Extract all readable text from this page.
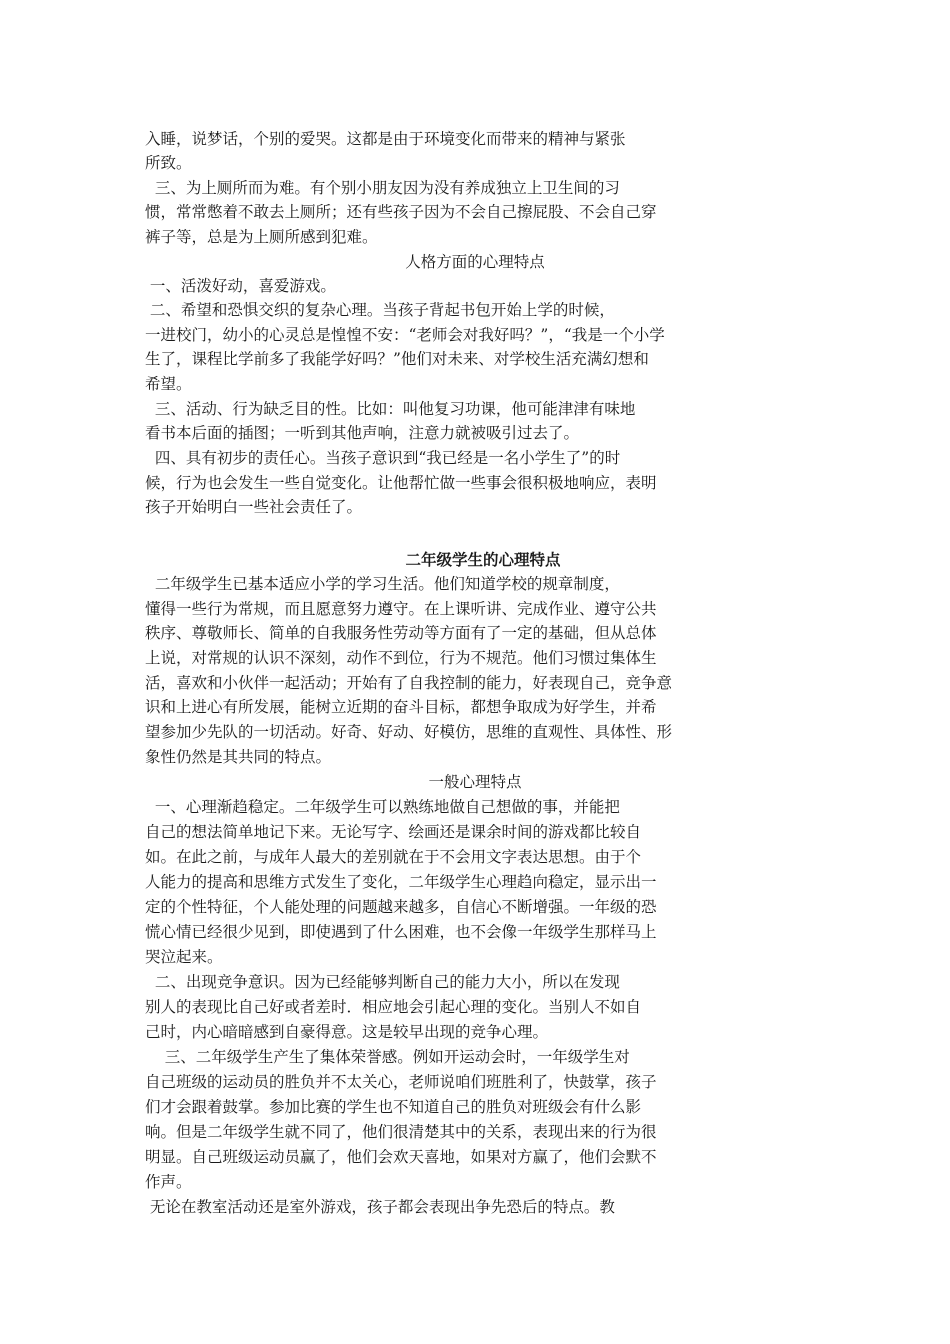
入睡，说梦话，个别的爱哭。这都是由于环境变化而带来的精神与紧张
所致。
三、为上厕所而为难。有个别小朋友因为没有养成独立上卫生间的习
惯，常常憋着不敢去上厕所；还有些孩子因为不会自己擦屁股、不会自己穿
裤子等，总是为上厕所感到犯难。
人格方面的心理特点
一、活泼好动，喜爱游戏。
二、希望和恐惧交织的复杂心理。当孩子背起书包开始上学的时候，
一进校门，幼小的心灵总是惶惶不安：“老师会对我好吗？”，“我是一个小学
生了，课程比学前多了我能学好吗？”他们对未来、对学校生活充满幻想和
希望。
三、活动、行为缺乏目的性。比如：叫他复习功课，他可能津津有味地
看书本后面的插图；一听到其他声响，注意力就被吸引过去了。
四、具有初步的责任心。当孩子意识到“我已经是一名小学生了”的时
候，行为也会发生一些自觉变化。让他帮忙做一些事会很积极地响应，表明
孩子开始明白一些社会责任了。
二年级学生的心理特点
二年级学生已基本适应小学的学习生活。他们知道学校的规章制度，
懂得一些行为常规，而且愿意努力遵守。在上课听讲、完成作业、遵守公共
秩序、尊敬师长、简单的自我服务性劳动等方面有了一定的基础，但从总体
上说，对常规的认识不深刻，动作不到位，行为不规范。他们习惯过集体生
活，喜欢和小伙伴一起活动；开始有了自我控制的能力，好表现自己，竞争意
识和上进心有所发展，能树立近期的奋斗目标，都想争取成为好学生，并希
望参加少先队的一切活动。好奇、好动、好模仿，思维的直观性、具体性、形
象性仍然是其共同的特点。
一般心理特点
一、心理渐趋稳定。二年级学生可以熟练地做自己想做的事，并能把
自己的想法简单地记下来。无论写字、绘画还是课余时间的游戏都比较自
如。在此之前，与成年人最大的差别就在于不会用文字表达思想。由于个
人能力的提高和思维方式发生了变化，二年级学生心理趋向稳定，显示出一
定的个性特征，个人能处理的问题越来越多，自信心不断增强。一年级的恐
慌心情已经很少见到，即使遇到了什么困难，也不会像一年级学生那样马上
哭泣起来。
二、出现竞争意识。因为已经能够判断自己的能力大小，所以在发现
别人的表现比自己好或者差时．相应地会引起心理的变化。当别人不如自
己时，内心暗暗感到自豪得意。这是较早出现的竞争心理。
三、二年级学生产生了集体荣誉感。例如开运动会时，一年级学生对
自己班级的运动员的胜负并不太关心，老师说咱们班胜利了，快鼓掌，孩子
们才会跟着鼓掌。参加比赛的学生也不知道自己的胜负对班级会有什么影
响。但是二年级学生就不同了，他们很清楚其中的关系，表现出来的行为很
明显。自己班级运动员赢了，他们会欢天喜地，如果对方赢了，他们会默不
作声。
无论在教室活动还是室外游戏，孩子都会表现出争先恐后的特点。教
